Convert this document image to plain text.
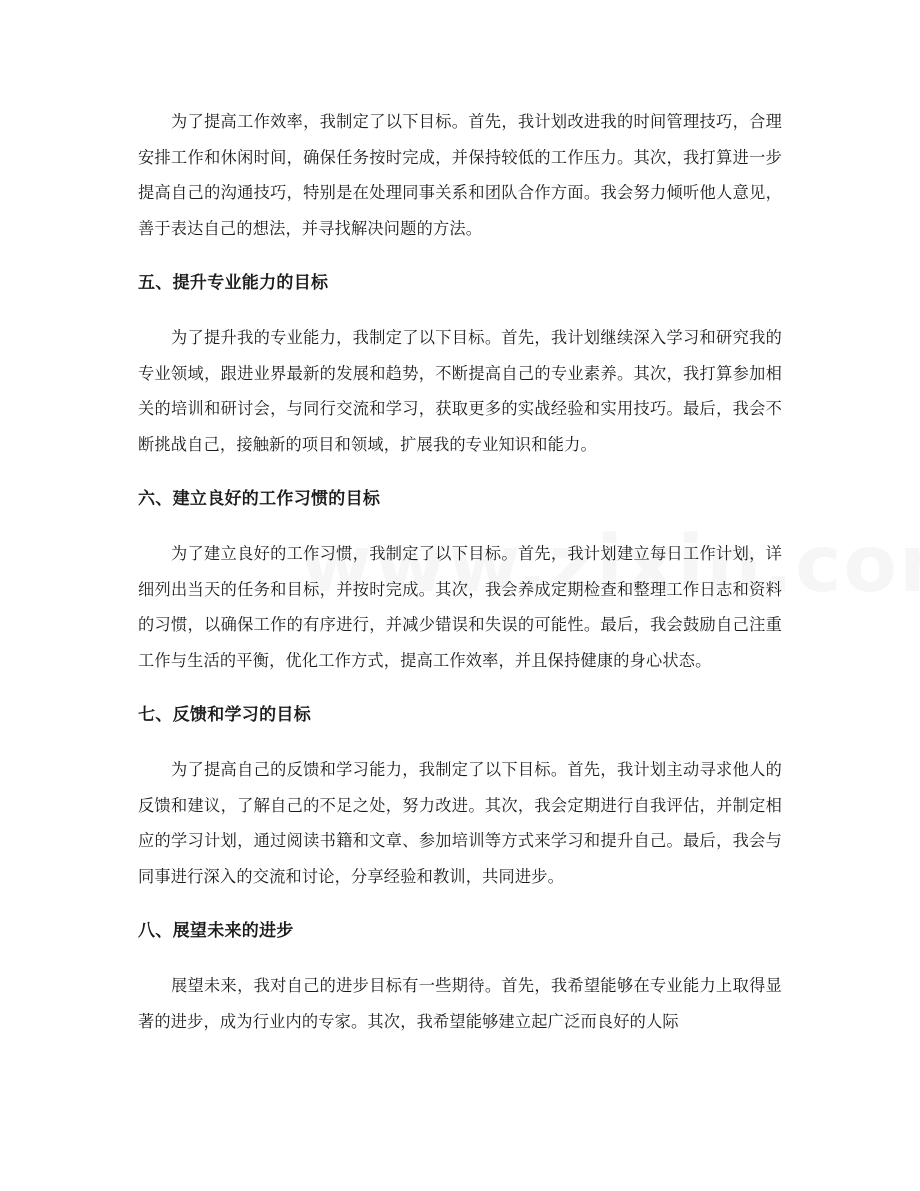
为了提高工作效率，我制定了以下目标。首先，我计划改进我的时间管理技巧，合理安排工作和休闲时间，确保任务按时完成，并保持较低的工作压力。其次，我打算进一步提高自己的沟通技巧，特别是在处理同事关系和团队合作方面。我会努力倾听他人意见，善于表达自己的想法，并寻找解决问题的方法。

五、提升专业能力的目标

为了提升我的专业能力，我制定了以下目标。首先，我计划继续深入学习和研究我的专业领域，跟进业界最新的发展和趋势，不断提高自己的专业素养。其次，我打算参加相关的培训和研讨会，与同行交流和学习，获取更多的实战经验和实用技巧。最后，我会不断挑战自己，接触新的项目和领域，扩展我的专业知识和能力。

六、建立良好的工作习惯的目标

为了建立良好的工作习惯，我制定了以下目标。首先，我计划建立每日工作计划，详细列出当天的任务和目标，并按时完成。其次，我会养成定期检查和整理工作日志和资料的习惯，以确保工作的有序进行，并减少错误和失误的可能性。最后，我会鼓励自己注重工作与生活的平衡，优化工作方式，提高工作效率，并且保持健康的身心状态。

七、反馈和学习的目标

为了提高自己的反馈和学习能力，我制定了以下目标。首先，我计划主动寻求他人的反馈和建议，了解自己的不足之处，努力改进。其次，我会定期进行自我评估，并制定相应的学习计划，通过阅读书籍和文章、参加培训等方式来学习和提升自己。最后，我会与同事进行深入的交流和讨论，分享经验和教训，共同进步。

八、展望未来的进步

展望未来，我对自己的进步目标有一些期待。首先，我希望能够在专业能力上取得显著的进步，成为行业内的专家。其次，我希望能够建立起广泛而良好的人际
